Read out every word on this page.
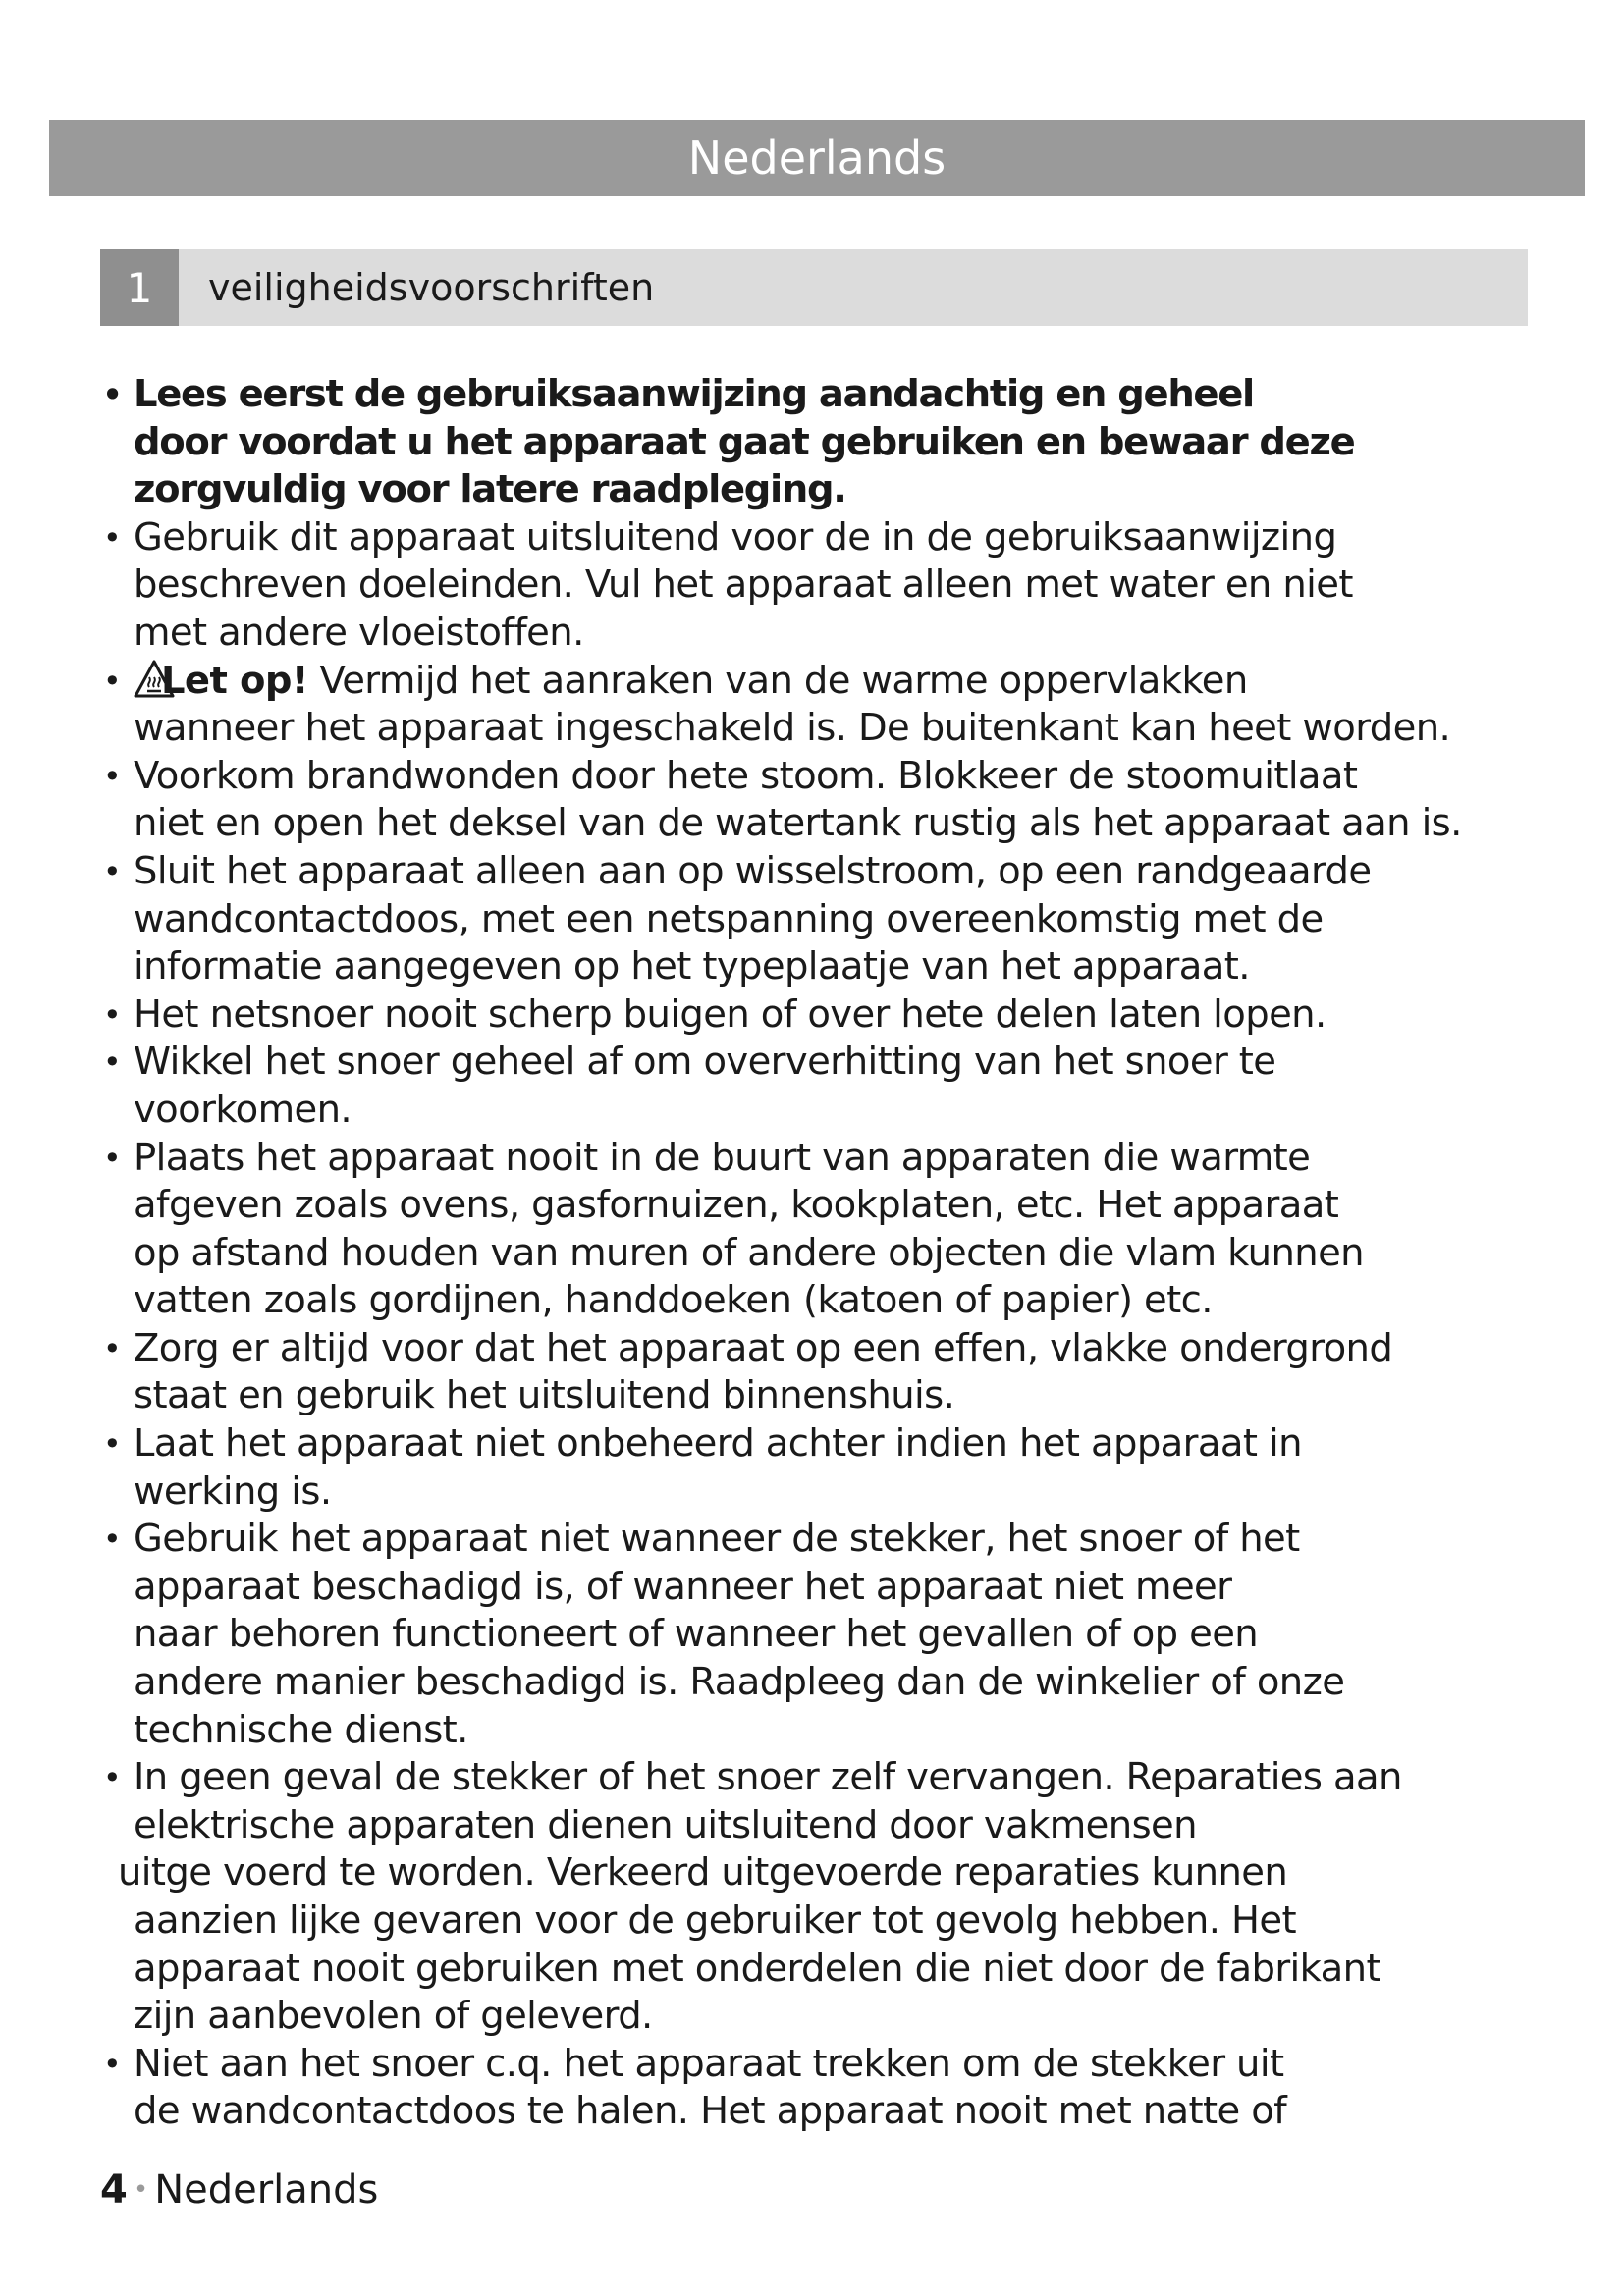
Nederlands
1	veiligheidsvoorschriften
• Lees eerst de gebruiksaanwijzing aandachtig en geheel
door voordat u het apparaat gaat gebruiken en bewaar deze
zorgvuldig voor latere raadpleging.
• Gebruik dit apparaat uitsluitend voor de in de gebruiksaanwijzing
beschreven doeleinden. Vul het apparaat alleen met water en niet
met andere vloeistoffen.
• Let op! Vermijd het aanraken van de warme oppervlakken
wanneer het apparaat ingeschakeld is. De buitenkant kan heet worden.
• Voorkom brandwonden door hete stoom. Blokkeer de stoomuitlaat
niet en open het deksel van de watertank rustig als het apparaat aan is.
• Sluit het apparaat alleen aan op wisselstroom, op een randgeaarde
wandcontactdoos, met een netspanning overeenkomstig met de
informatie aangegeven op het typeplaatje van het apparaat.
• Het netsnoer nooit scherp buigen of over hete delen laten lopen.
• Wikkel het snoer geheel af om oververhitting van het snoer te
voorkomen.
• Plaats het apparaat nooit in de buurt van apparaten die warmte
afgeven zoals ovens, gasfornuizen, kookplaten, etc. Het apparaat
op afstand houden van muren of andere objecten die vlam kunnen
vatten zoals gordijnen, handdoeken (katoen of papier) etc.
• Zorg er altijd voor dat het apparaat op een effen, vlakke ondergrond
staat en gebruik het uitsluitend binnenshuis.
• Laat het apparaat niet onbeheerd achter indien het apparaat in
werking is.
• Gebruik het apparaat niet wanneer de stekker, het snoer of het
apparaat beschadigd is, of wanneer het apparaat niet meer
naar behoren functioneert of wanneer het gevallen of op een
andere manier beschadigd is. Raadpleeg dan de winkelier of onze
technische dienst.
• In geen geval de stekker of het snoer zelf vervangen. Reparaties aan
elektrische apparaten dienen uitsluitend door vakmensen
uitge voerd te worden. Verkeerd uitgevoerde reparaties kunnen
aanzien lijke gevaren voor de gebruiker tot gevolg hebben. Het
apparaat nooit gebruiken met onderdelen die niet door de fabrikant
zijn aanbevolen of geleverd.
• Niet aan het snoer c.q. het apparaat trekken om de stekker uit
de wandcontactdoos te halen. Het apparaat nooit met natte of
4 • Nederlands
